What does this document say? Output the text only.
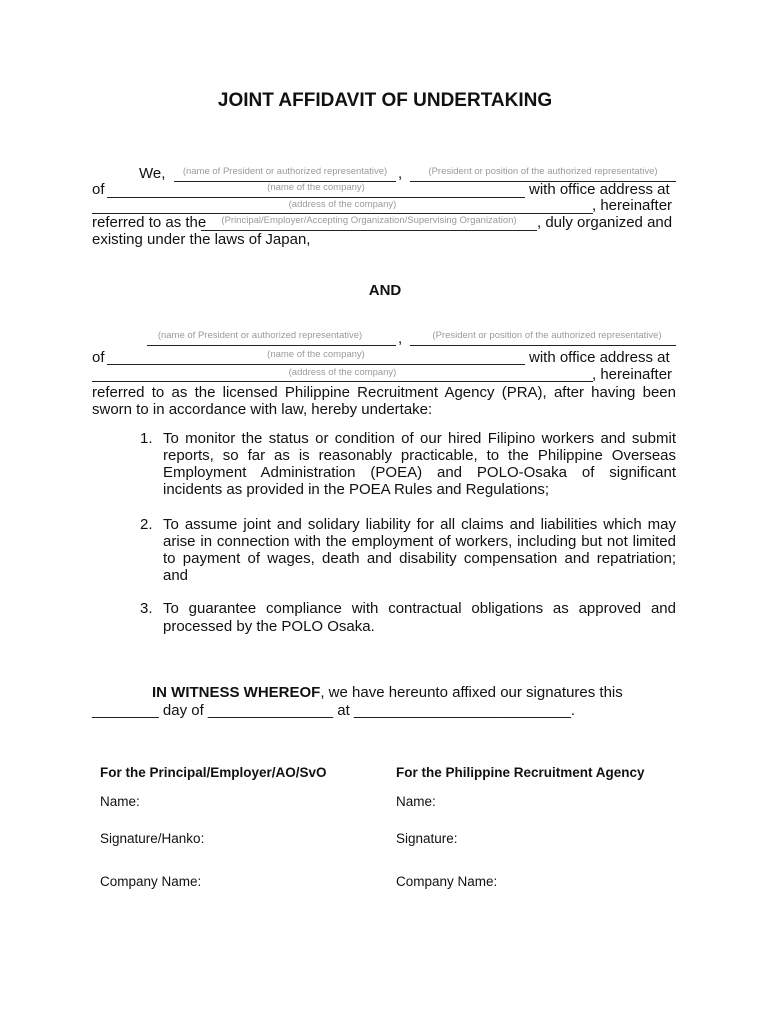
JOINT AFFIDAVIT OF UNDERTAKING
We,	(name of President or authorized representative) ,	(President or position of the authorized representative)
of	(name of the company)	with office address at
(address of the company)	, hereinafter
referred to as the	(Principal/Employer/Accepting Organization/Supervising Organization)	, duly organized and
existing under the laws of Japan,
AND
(name of President or authorized representative)	,	(President or position of the authorized representative)
of	(name of the company)	with office address at
(address of the company)	, hereinafter
referred to as the licensed Philippine Recruitment Agency (PRA), after having been
sworn to in accordance with law, hereby undertake:
1. To monitor the status or condition of our hired Filipino workers and submit
reports, so far as is reasonably practicable, to the Philippine Overseas
Employment Administration (POEA) and POLO-Osaka of significant
incidents as provided in the POEA Rules and Regulations;
2. To assume joint and solidary liability for all claims and liabilities which may
arise in connection with the employment of workers, including but not limited
to payment of wages, death and disability compensation and repatriation;
and
3. To guarantee compliance with contractual obligations as approved and
processed by the POLO Osaka.
IN WITNESS WHEREOF, we have hereunto affixed our signatures this
________ day of _______________ at __________________________.
For the Principal/Employer/AO/SvO	For the Philippine Recruitment Agency
Name:	Name:
Signature/Hanko:	Signature:
Company Name:	Company Name:
